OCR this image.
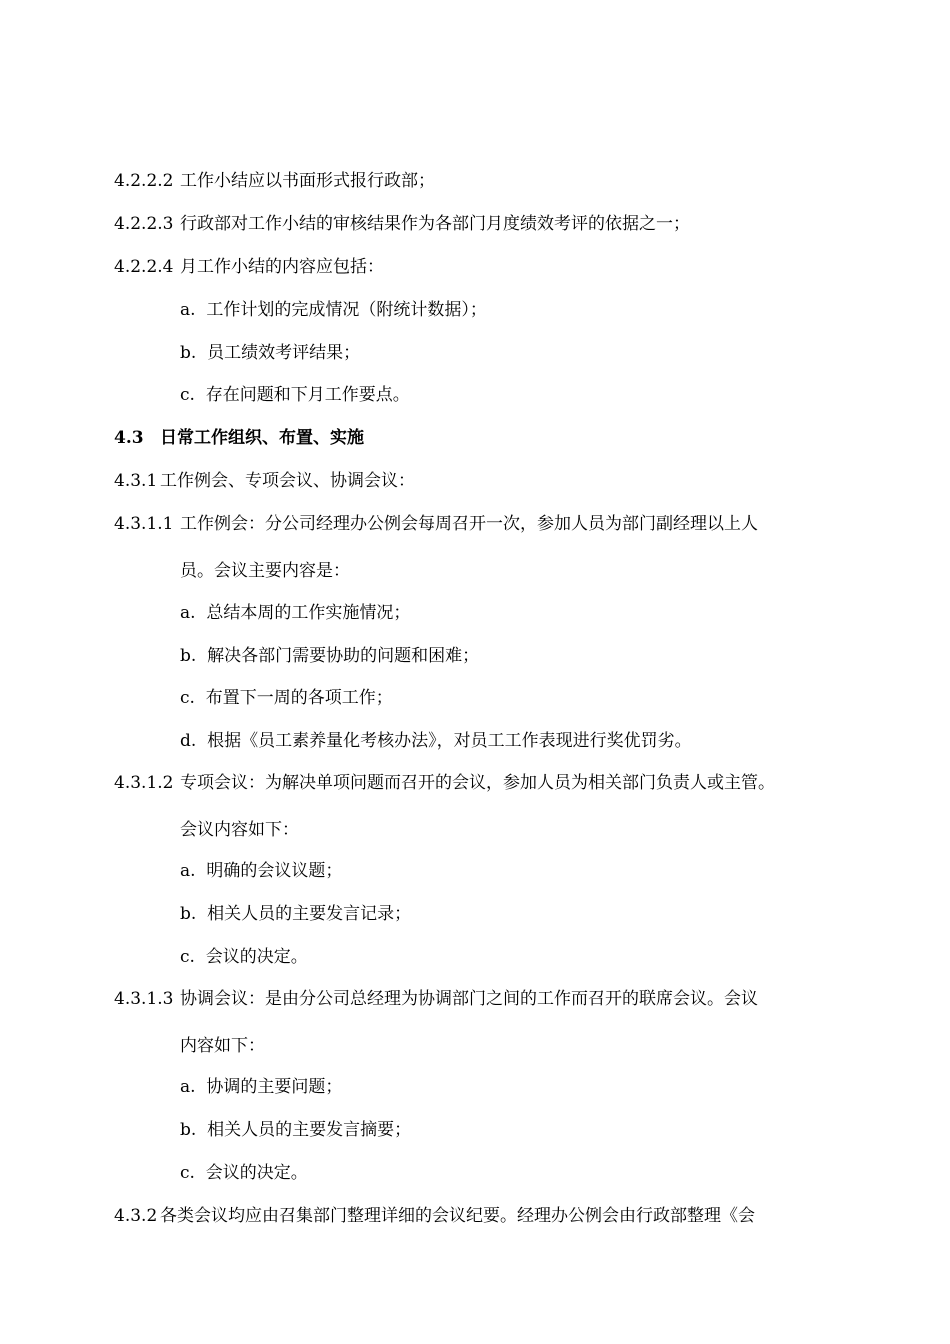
4.2.2.2 工作小结应以书面形式报行政部；
4.2.2.3 行政部对工作小结的审核结果作为各部门月度绩效考评的依据之一；
4.2.2.4 月工作小结的内容应包括：
a. 工作计划的完成情况（附统计数据）；
b. 员工绩效考评结果；
c. 存在问题和下月工作要点。
4.3 日常工作组织、布置、实施
4.3.1 工作例会、专项会议、协调会议：
4.3.1.1 工作例会：分公司经理办公例会每周召开一次，参加人员为部门副经理以上人
员。会议主要内容是：
a. 总结本周的工作实施情况；
b. 解决各部门需要协助的问题和困难；
c. 布置下一周的各项工作；
d. 根据《员工素养量化考核办法》，对员工工作表现进行奖优罚劣。
4.3.1.2 专项会议：为解决单项问题而召开的会议，参加人员为相关部门负责人或主管。
会议内容如下：
a. 明确的会议议题；
b. 相关人员的主要发言记录；
c. 会议的决定。
4.3.1.3 协调会议：是由分公司总经理为协调部门之间的工作而召开的联席会议。会议
内容如下：
a. 协调的主要问题；
b. 相关人员的主要发言摘要；
c. 会议的决定。
4.3.2 各类会议均应由召集部门整理详细的会议纪要。经理办公例会由行政部整理《会
